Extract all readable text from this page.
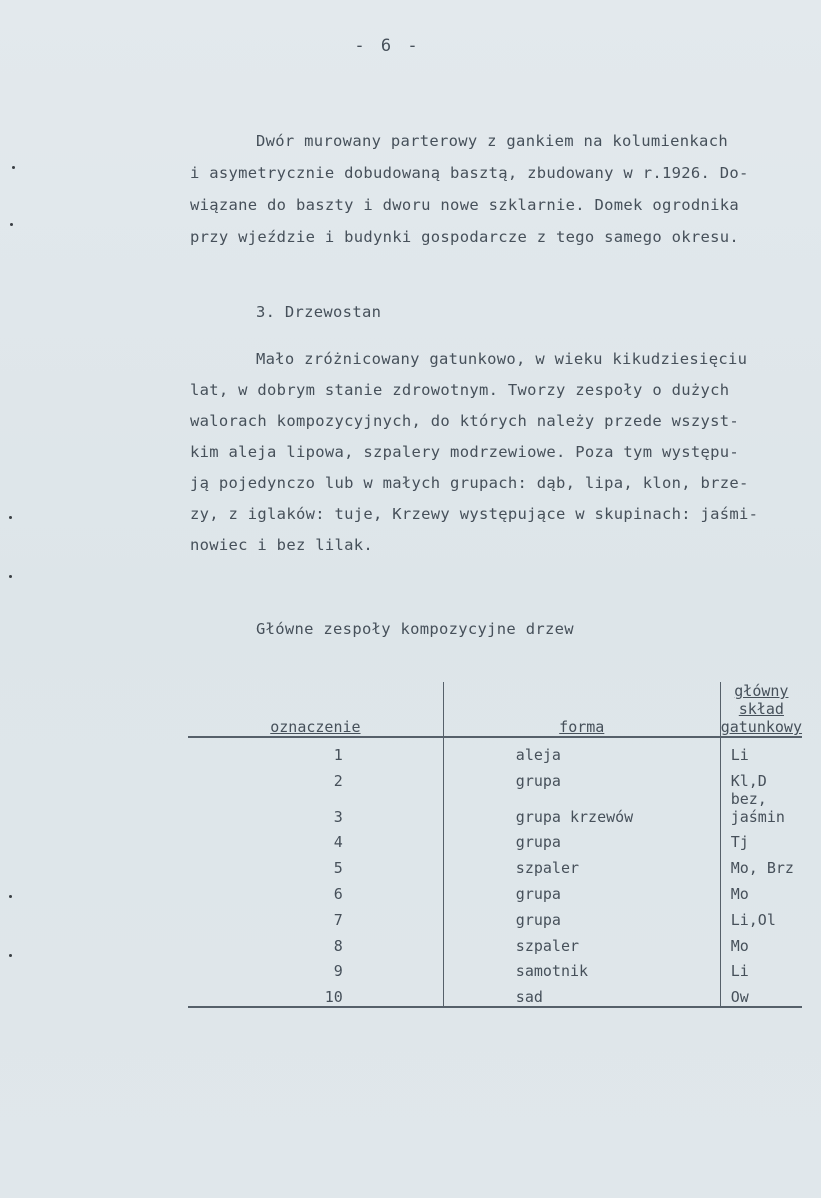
- 6 -
Dwór murowany parterowy z gankiem na kolumienkach
i asymetrycznie dobudowaną basztą, zbudowany w r.1926. Do-
wiązane do baszty i dworu nowe szklarnie. Domek ogrodnika
przy wjeździe i budynki gospodarcze z tego samego okresu.
3. Drzewostan
Mało zróżnicowany gatunkowo, w wieku kikudziesięciu
lat, w dobrym stanie zdrowotnym. Tworzy zespoły o dużych
walorach kompozycyjnych, do których należy przede wszyst-
kim aleja lipowa, szpalery modrzewiowe. Poza tym występu-
ją pojedynczo lub w małych grupach: dąb, lipa, klon, brze-
zy, z iglaków: tuje, Krzewy występujące w skupinach: jaśmi-
nowiec i bez lilak.
Główne zespoły kompozycyjne drzew
oznaczenie	forma	główny skład gatunkowy
1	aleja	Li
2	grupa	Kl,D
3	grupa krzewów	bez, jaśmin
4	grupa	Tj
5	szpaler	Mo, Brz
6	grupa	Mo
7	grupa	Li,Ol
8	szpaler	Mo
9	samotnik	Li
10	sad	Ow
